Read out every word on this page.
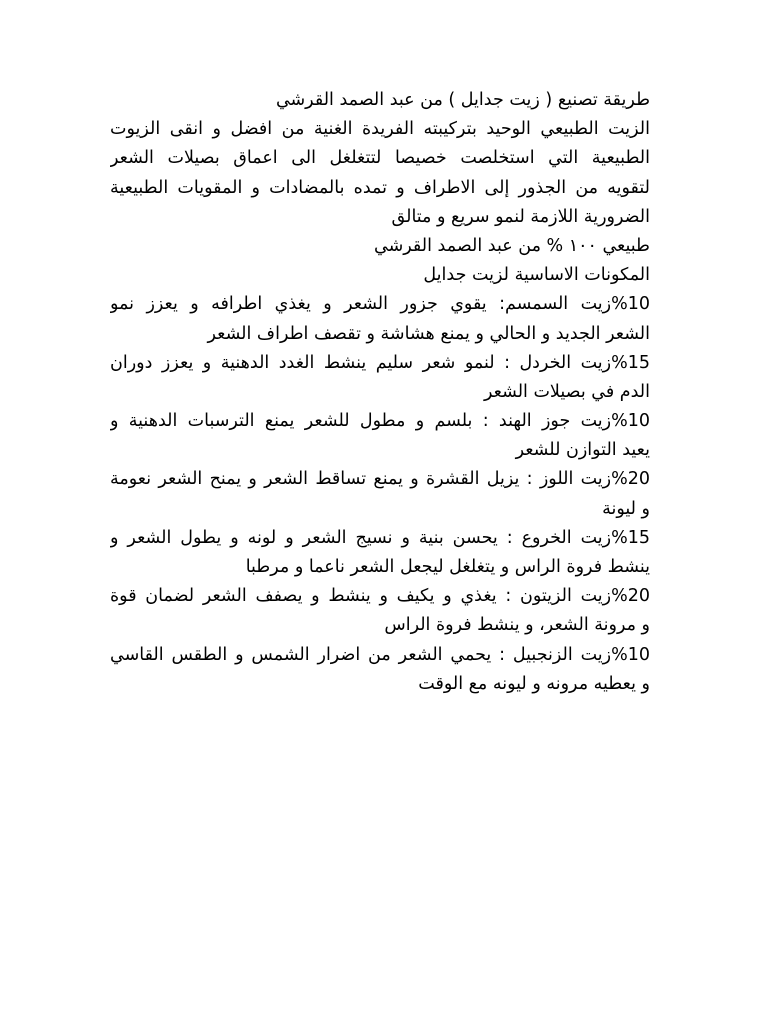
طريقة تصنيع ( زيت جدايل ) من عبد الصمد القرشي
الزيت الطبيعي الوحيد بتركيبته الفريدة الغنية من افضل و انقى الزيوت
الطبيعية التي استخلصت خصيصا لتتغلغل الى اعماق بصيلات الشعر
لتقويه من الجذور إلى الاطراف و تمده بالمضادات و المقويات الطبيعية
الضرورية اللازمة لنمو سريع و متالق
طبيعي ١٠٠ % من عبد الصمد القرشي
المكونات الاساسية لزيت جدايل
%10زيت السمسم: يقوي جزور الشعر و يغذي اطرافه و يعزز نمو
الشعر الجديد و الحالي و يمنع هشاشة و تقصف اطراف الشعر
%15زيت الخردل : لنمو شعر سليم ينشط الغدد الدهنية و يعزز دوران
الدم في بصيلات الشعر
%10زيت جوز الهند : بلسم و مطول للشعر يمنع الترسبات الدهنية و
يعيد التوازن للشعر
%20زيت اللوز : يزيل القشرة و يمنع تساقط الشعر و يمنح الشعر نعومة
و ليونة
%15زيت الخروع : يحسن بنية و نسيج الشعر و لونه و يطول الشعر و
ينشط فروة الراس و يتغلغل ليجعل الشعر ناعما و مرطبا
%20زيت الزيتون : يغذي و يكيف و ينشط و يصفف الشعر لضمان قوة
و مرونة الشعر، و ينشط فروة الراس
%10زيت الزنجبيل : يحمي الشعر من اضرار الشمس و الطقس القاسي
و يعطيه مرونه و ليونه مع الوقت
